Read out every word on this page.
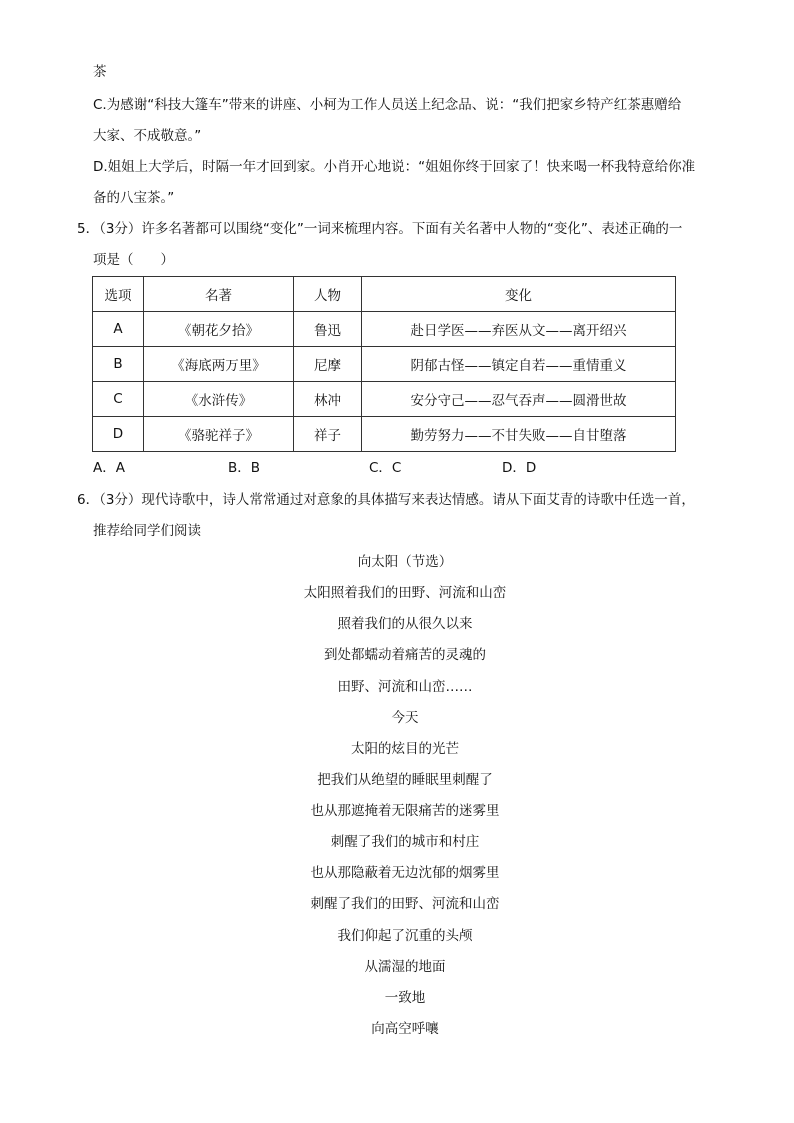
茶
C.为感谢“科技大篷车”带来的讲座、小柯为工作人员送上纪念品、说：“我们把家乡特产红茶惠赠给
大家、不成敬意。”
D.姐姐上大学后，时隔一年才回到家。小肖开心地说：“姐姐你终于回家了！快来喝一杯我特意给你准
备的八宝茶。”
5．（3分）许多名著都可以围绕“变化”一词来梳理内容。下面有关名著中人物的“变化”、表述正确的一
项是（　　）
选项	名著	人物	变化
A	《朝花夕拾》	鲁迅	赴日学医——弃医从文——离开绍兴
B	《海底两万里》	尼摩	阴郁古怪——镇定自若——重情重义
C	《水浒传》	林冲	安分守己——忍气吞声——圆滑世故
D	《骆驼祥子》	祥子	勤劳努力——不甘失败——自甘堕落
A．A	B．B	C．C	D．D
6．（3分）现代诗歌中，诗人常常通过对意象的具体描写来表达情感。请从下面艾青的诗歌中任选一首，
推荐给同学们阅读
向太阳（节选）
太阳照着我们的田野、河流和山峦
照着我们的从很久以来
到处都蠕动着痛苦的灵魂的
田野、河流和山峦……
今天
太阳的炫目的光芒
把我们从绝望的睡眠里刺醒了
也从那遮掩着无限痛苦的迷雾里
刺醒了我们的城市和村庄
也从那隐蔽着无边沈郁的烟雾里
刺醒了我们的田野、河流和山峦
我们仰起了沉重的头颅
从濡湿的地面
一致地
向高空呼嚷
